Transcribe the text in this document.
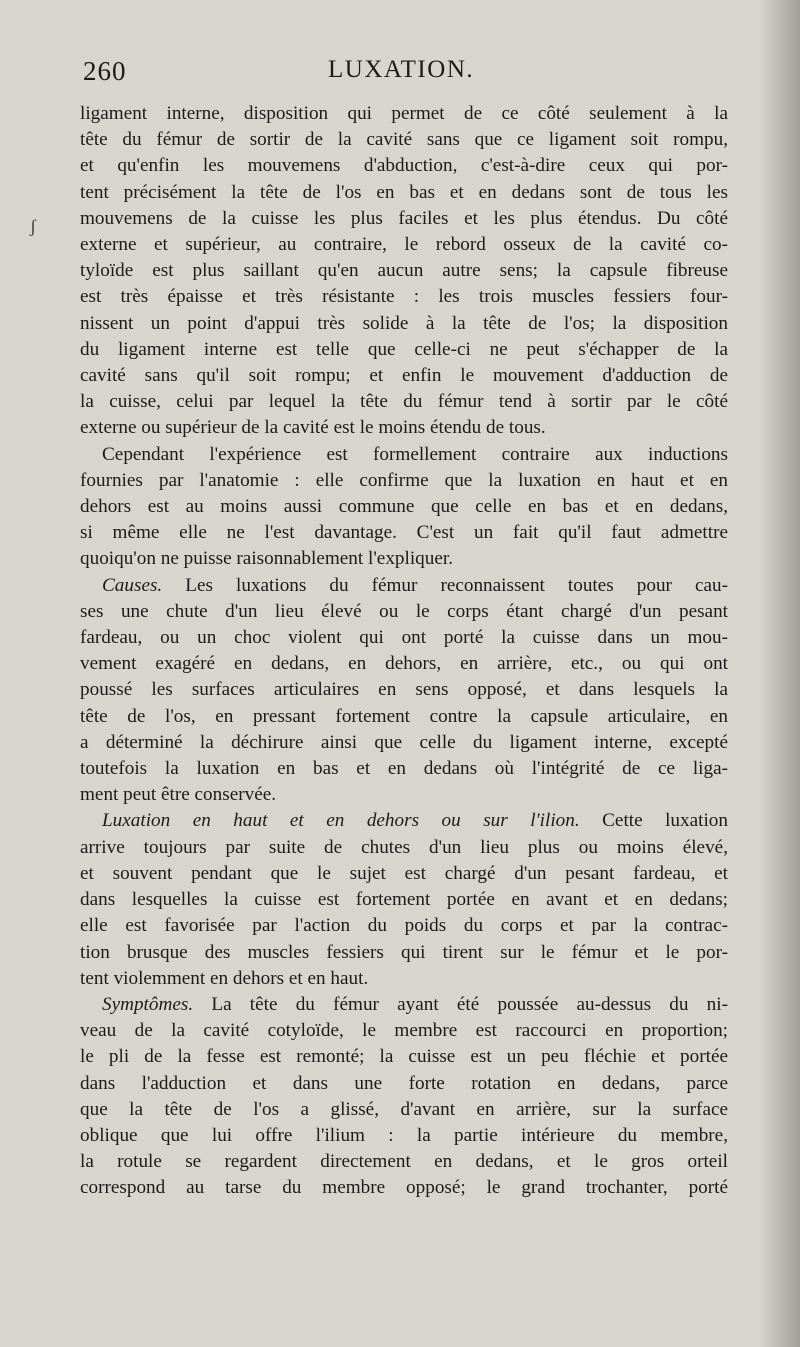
260	LUXATION.
ʃ

ligament interne, disposition qui permet de ce côté seulement à la
tête du fémur de sortir de la cavité sans que ce ligament soit rompu,
et qu'enfin les mouvemens d'abduction, c'est-à-dire ceux qui por-
tent précisément la tête de l'os en bas et en dedans sont de tous les
mouvemens de la cuisse les plus faciles et les plus étendus. Du côté
externe et supérieur, au contraire, le rebord osseux de la cavité co-
tyloïde est plus saillant qu'en aucun autre sens; la capsule fibreuse
est très épaisse et très résistante : les trois muscles fessiers four-
nissent un point d'appui très solide à la tête de l'os; la disposition
du ligament interne est telle que celle-ci ne peut s'échapper de la
cavité sans qu'il soit rompu; et enfin le mouvement d'adduction de
la cuisse, celui par lequel la tête du fémur tend à sortir par le côté
externe ou supérieur de la cavité est le moins étendu de tous.

Cependant l'expérience est formellement contraire aux inductions
fournies par l'anatomie : elle confirme que la luxation en haut et en
dehors est au moins aussi commune que celle en bas et en dedans,
si même elle ne l'est davantage. C'est un fait qu'il faut admettre
quoiqu'on ne puisse raisonnablement l'expliquer.

Causes. Les luxations du fémur reconnaissent toutes pour cau-
ses une chute d'un lieu élevé ou le corps étant chargé d'un pesant
fardeau, ou un choc violent qui ont porté la cuisse dans un mou-
vement exagéré en dedans, en dehors, en arrière, etc., ou qui ont
poussé les surfaces articulaires en sens opposé, et dans lesquels la
tête de l'os, en pressant fortement contre la capsule articulaire, en
a déterminé la déchirure ainsi que celle du ligament interne, excepté
toutefois la luxation en bas et en dedans où l'intégrité de ce liga-
ment peut être conservée.

Luxation en haut et en dehors ou sur l'ilion. Cette luxation
arrive toujours par suite de chutes d'un lieu plus ou moins élevé,
et souvent pendant que le sujet est chargé d'un pesant fardeau, et
dans lesquelles la cuisse est fortement portée en avant et en dedans;
elle est favorisée par l'action du poids du corps et par la contrac-
tion brusque des muscles fessiers qui tirent sur le fémur et le por-
tent violemment en dehors et en haut.

Symptômes. La tête du fémur ayant été poussée au-dessus du ni-
veau de la cavité cotyloïde, le membre est raccourci en proportion;
le pli de la fesse est remonté; la cuisse est un peu fléchie et portée
dans l'adduction et dans une forte rotation en dedans, parce
que la tête de l'os a glissé, d'avant en arrière, sur la surface
oblique que lui offre l'ilium : la partie intérieure du membre,
la rotule se regardent directement en dedans, et le gros orteil
correspond au tarse du membre opposé; le grand trochanter, porté
